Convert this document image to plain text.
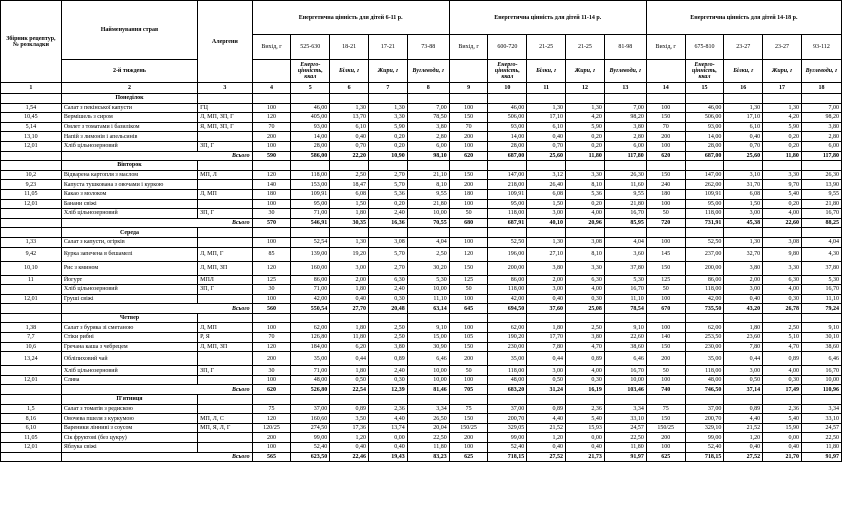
Збірник рецептур, № розкладки	Найменування страв	Алергени	Енергетична цінність для дітей 6-11 р.					Енергетична цінність для дітей 11-14 р.					Енергетична цінність для дітей 14-18 р.				
			Вихід, г	525-630	18-21	17-21	73-88	Вихід, г	600-720	21-25	21-25	81-98	Вихід, г	675-810	23-27	23-27	93-112
	2-й тиждень			Енерго-цінність, ккал	Білки, г	Жири, г	Вуглеводи, г		Енерго-цінність, ккал	Білки, г	Жири, г	Вуглеводи, г		Енерго-цінність, ккал	Білки, г	Жири, г	Вуглеводи, г
1	2	3	4	5	6	7	8	9	10	11	12	13	14	15	16	17	18
	Понеділок																
1,54	Салат з пекінської капусти	ГЦ	100	46,00	1,30	1,30	7,00	100	46,00	1,30	1,30	7,00	100	46,00	1,30	1,30	7,00
10,45	Вермішель з сиром	Л, МП, ЗП, Г	120	405,00	13,70	3,30	78,50	150	506,00	17,10	4,20	98,20	150	506,00	17,10	4,20	98,20
5,14	Омлет з томатами і базиліком	Я, МП, ЗП, Г	70	93,00	6,10	5,90	3,80	70	93,00	6,10	5,90	3,80	70	93,00	6,10	5,90	3,80
13,10	Напій з лимонів і апельсинів		200	14,00	0,40	0,20	2,80	200	14,00	0,40	0,20	2,80	200	14,00	0,40	0,20	2,80
12,01	Хліб цільнозерновий	ЗП, Г	100	28,00	0,70	0,20	6,00	100	28,00	0,70	0,20	6,00	100	28,00	0,70	0,20	6,00
	Всього		590	586,00	22,20	10,90	98,10	620	687,00	25,60	11,80	117,80	620	687,00	25,60	11,80	117,80
	Вівторок																
10,2	Відварена картопля з маслом	МП, Л	120	118,00	2,50	2,70	21,10	150	147,00	3,12	3,30	26,30	150	147,00	3,10	3,30	26,30
9,23	Капуста тушкована з овочами і куркою		140	153,00	18,47	5,70	8,10	200	218,00	26,40	8,10	11,60	240	262,00	31,70	9,70	13,90
11,05	Какао з молоком	Л, МП	180	109,91	6,08	5,36	9,55	180	109,91	6,08	5,36	9,55	180	109,91	6,08	5,40	9,55
12,01	Банани свіжі		100	95,00	1,50	0,20	21,80	100	95,00	1,50	0,20	21,80	100	95,00	1,50	0,20	21,80
	Хліб цільнозерновий	ЗП, Г	30	71,00	1,80	2,40	10,00	50	118,00	3,00	4,00	16,70	50	118,00	3,00	4,00	16,70
	Всього		570	546,91	30,35	16,36	70,55	680	687,91	40,10	20,96	85,95	720	731,91	45,38	22,60	88,25
	Середа																
1,33	Салат з капусти, огірків		100	52,54	1,30	3,08	4,04	100	52,50	1,30	3,08	4,04	100	52,50	1,30	3,08	4,04
9,42	Курка запечена в бешамелі	Л, МП, Г	85	139,00	19,20	5,70	2,50	120	196,00	27,10	8,10	3,60	145	237,00	32,70	9,80	4,30
10,10	Рис з кмином	Л, МП, ЗП	120	160,00	3,00	2,70	30,20	150	200,00	3,80	3,30	37,80	150	200,00	3,80	3,30	37,80
11	Йогурт	МПЛ	125	86,00	2,00	6,30	5,30	125	86,00	2,00	6,30	5,30	125	86,00	2,00	6,30	5,30
	Хліб цільнозерновий	ЗП, Г	30	71,00	1,80	2,40	10,00	50	118,00	3,00	4,00	16,70	50	118,00	3,00	4,00	16,70
12,01	Груші свіжі		100	42,00	0,40	0,30	11,10	100	42,00	0,40	0,30	11,10	100	42,00	0,40	0,30	11,10
	Всього		560	550,54	27,70	20,48	63,14	645	694,50	37,60	25,08	78,54	670	735,50	43,20	26,78	79,24
	Четвер																
1,38	Салат з буряка зі сметаною	Л, МП	100	62,00	1,80	2,50	9,10	100	62,00	1,80	2,50	9,10	100	62,00	1,80	2,50	9,10
7,7	Стіки рибні	Р, Я	70	126,80	11,80	2,50	15,00	105	190,20	17,70	3,80	22,60	140	253,50	23,60	5,10	30,10
10,6	Гречана каша з чебрецем	Л, МП, ЗП	120	184,00	6,20	3,80	30,90	150	230,00	7,80	4,70	38,60	150	230,00	7,80	4,70	38,60
13,24	Обліпиховий чай		200	35,00	0,44	0,89	6,46	200	35,00	0,44	0,89	6,46	200	35,00	0,44	0,89	6,46
	Хліб цільнозерновий	ЗП, Г	30	71,00	1,80	2,40	10,00	50	118,00	3,00	4,00	16,70	50	118,00	3,00	4,00	16,70
12,01	Слива		100	48,00	0,50	0,30	10,00	100	48,00	0,50	0,30	10,00	100	48,00	0,50	0,30	10,00
	Всього		620	526,80	22,54	12,39	81,46	705	683,20	31,24	16,19	103,46	740	746,50	37,14	17,49	110,96
	П'ятниця																
1,5	Салат з томатів з редискою		75	37,00	0,89	2,36	3,34	75	37,00	0,89	2,36	3,34	75	37,00	0,89	2,36	3,34
8,16	Овочева пшеля з куркумою	МП, Л, С	120	160,60	3,50	4,40	26,50	150	200,70	4,40	5,40	33,10	150	200,70	4,40	5,40	33,10
6,10	Вареники лінниві з соусом	МП, Я, Л, Г	120/25	274,50	17,36	13,74	20,04	150/25	329,05	21,52	15,93	24,57	150/25	329,10	21,52	15,90	24,57
11,05	Сік фруктові (без цукру)		200	99,00	1,20	0,00	22,50	200	99,00	1,20	0,00	22,50	200	99,00	1,20	0,00	22,50
12,01	Яблука свіжі		100	52,40	0,40	0,40	11,80	100	52,40	0,40	0,40	11,80	100	52,40	0,40	0,40	11,80
	Всього		565	623,50	22,46	19,43	83,23	625	718,15	27,52	21,73	91,97	625	718,15	27,52	21,70	91,97
